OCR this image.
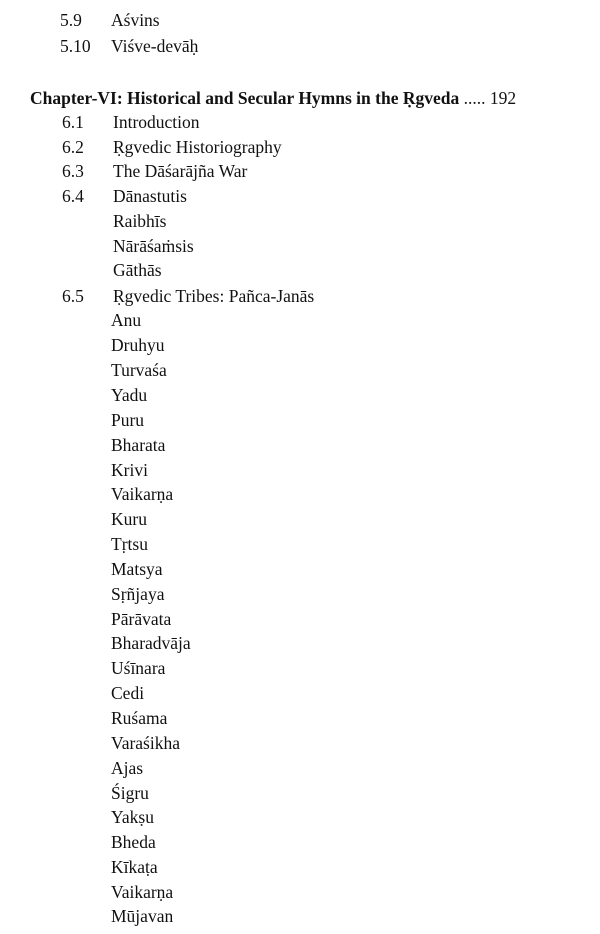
5.9 Aśvins
5.10 Viśve-devāḥ
Chapter-VI: Historical and Secular Hymns in the Ṛgveda ..... 192
6.1 Introduction
6.2 Ṛgvedic Historiography
6.3 The Dāśarājña War
6.4 Dānastutis
Raibhīs
Nārāśaṁsis
Gāthās
6.5 Ṛgvedic Tribes: Pañca-Janās
Anu
Druhyu
Turvaśa
Yadu
Puru
Bharata
Krivi
Vaikarṇa
Kuru
Tṛtsu
Matsya
Sṛñjaya
Pārāvata
Bharadvāja
Uśīnara
Cedi
Ruśama
Varaśikha
Ajas
Śigru
Yakṣu
Bheda
Kīkaṭa
Vaikarṇa
Mūjavan
